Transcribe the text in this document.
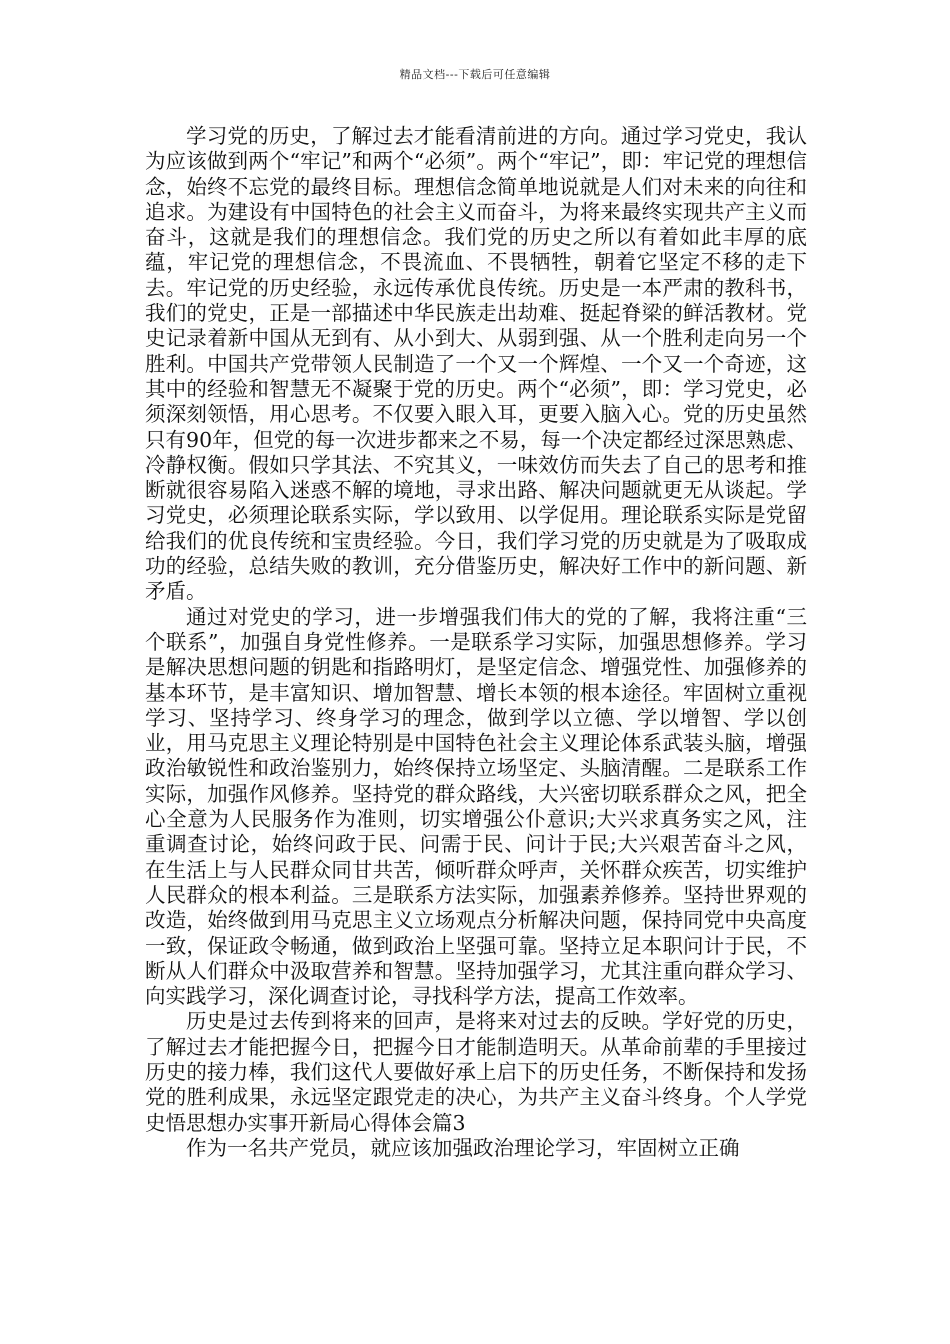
精品文档---下载后可任意编辑

学习党的历史，了解过去才能看清前进的方向。通过学习党史，我认为应该做到两个“牢记”和两个“必须”。两个“牢记”，即：牢记党的理想信念，始终不忘党的最终目标。理想信念简单地说就是人们对未来的向往和追求。为建设有中国特色的社会主义而奋斗，为将来最终实现共产主义而奋斗，这就是我们的理想信念。我们党的历史之所以有着如此丰厚的底蕴，牢记党的理想信念，不畏流血、不畏牺牲，朝着它坚定不移的走下去。牢记党的历史经验，永远传承优良传统。历史是一本严肃的教科书，我们的党史，正是一部描述中华民族走出劫难、挺起脊梁的鲜活教材。党史记录着新中国从无到有、从小到大、从弱到强、从一个胜利走向另一个胜利。中国共产党带领人民制造了一个又一个辉煌、一个又一个奇迹，这其中的经验和智慧无不凝聚于党的历史。两个“必须”，即：学习党史，必须深刻领悟，用心思考。不仅要入眼入耳，更要入脑入心。党的历史虽然只有90年，但党的每一次进步都来之不易，每一个决定都经过深思熟虑、冷静权衡。假如只学其法、不究其义，一味效仿而失去了自己的思考和推断就很容易陷入迷惑不解的境地，寻求出路、解决问题就更无从谈起。学习党史，必须理论联系实际，学以致用、以学促用。理论联系实际是党留给我们的优良传统和宝贵经验。今日，我们学习党的历史就是为了吸取成功的经验，总结失败的教训，充分借鉴历史，解决好工作中的新问题、新矛盾。

通过对党史的学习，进一步增强我们伟大的党的了解，我将注重“三个联系”，加强自身党性修养。一是联系学习实际，加强思想修养。学习是解决思想问题的钥匙和指路明灯，是坚定信念、增强党性、加强修养的基本环节，是丰富知识、增加智慧、增长本领的根本途径。牢固树立重视学习、坚持学习、终身学习的理念，做到学以立德、学以增智、学以创业，用马克思主义理论特别是中国特色社会主义理论体系武装头脑，增强政治敏锐性和政治鉴别力，始终保持立场坚定、头脑清醒。二是联系工作实际，加强作风修养。坚持党的群众路线，大兴密切联系群众之风，把全心全意为人民服务作为准则，切实增强公仆意识;大兴求真务实之风，注重调查讨论，始终问政于民、问需于民、问计于民;大兴艰苦奋斗之风，在生活上与人民群众同甘共苦，倾听群众呼声，关怀群众疾苦，切实维护人民群众的根本利益。三是联系方法实际，加强素养修养。坚持世界观的改造，始终做到用马克思主义立场观点分析解决问题，保持同党中央高度一致，保证政令畅通，做到政治上坚强可靠。坚持立足本职问计于民，不断从人们群众中汲取营养和智慧。坚持加强学习，尤其注重向群众学习、向实践学习，深化调查讨论，寻找科学方法，提高工作效率。

历史是过去传到将来的回声，是将来对过去的反映。学好党的历史，了解过去才能把握今日，把握今日才能制造明天。从革命前辈的手里接过历史的接力棒，我们这代人要做好承上启下的历史任务，不断保持和发扬党的胜利成果，永远坚定跟党走的决心，为共产主义奋斗终身。个人学党史悟思想办实事开新局心得体会篇3

作为一名共产党员，就应该加强政治理论学习，牢固树立正确
